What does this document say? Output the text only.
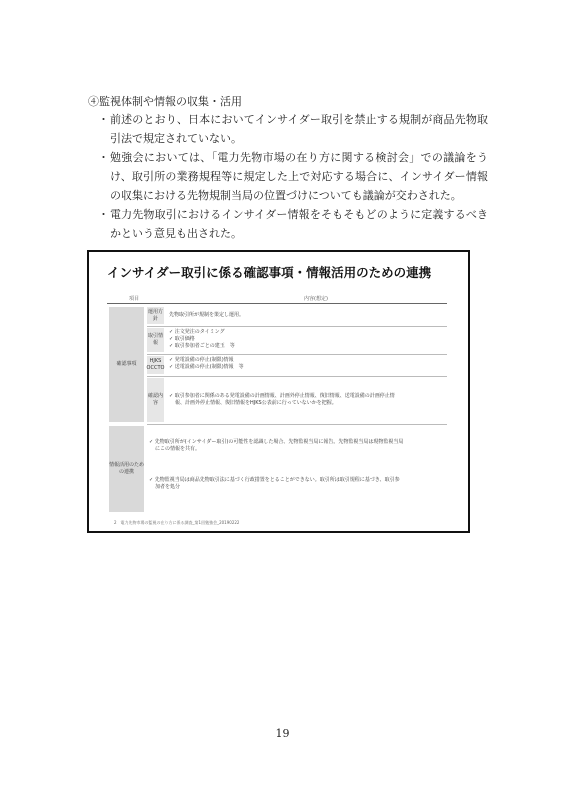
④監視体制や情報の収集・活用
・ 前述のとおり、日本においてインサイダー取引を禁止する規制が商品先物取引法で規定されていない。
・ 勉強会においては、「電力先物市場の在り方に関する検討会」での議論をうけ、取引所の業務規程等に規定した上で対応する場合に、インサイダー情報の収集における先物規制当局の位置づけについても議論が交わされた。
・ 電力先物取引におけるインサイダー情報をそもそもどのように定義するべきかという意見も出された。
インサイダー取引に係る確認事項・情報活用のための連携
項目	内容(想定)
確認事項
情報活用のための連携
運用方針
先物取引所が規制を策定し運用。
取引情報
✓ 注文発注のタイミング
✓ 取引価格
✓ 取引参加者ごとの建玉　等
HJKS OCCTO
✓ 発電設備の停止(制限)情報
✓ 送電設備の停止(制限)情報　等
確認内容
✓ 取引参加者に関係のある発電設備の計画情報、計画外停止情報、復旧情報、送電設備の計画停止情
報、計画外停止情報、復旧情報をHJKS公表前に行っていないかを把握。
✓ 先物取引所が(インサイダー取引)の可能性を認識した場合、先物監視当局に報告。先物監視当局は現物監視当局
にこの情報を共有。
✓ 先物監視当局は商品先物取引法に基づく行政措置をとることができない。取引所は取引規程に基づき、取引参
加者を処分
2　電力先物市場の監視の在り方に係る調査_第1回勉強会_20190222
19
